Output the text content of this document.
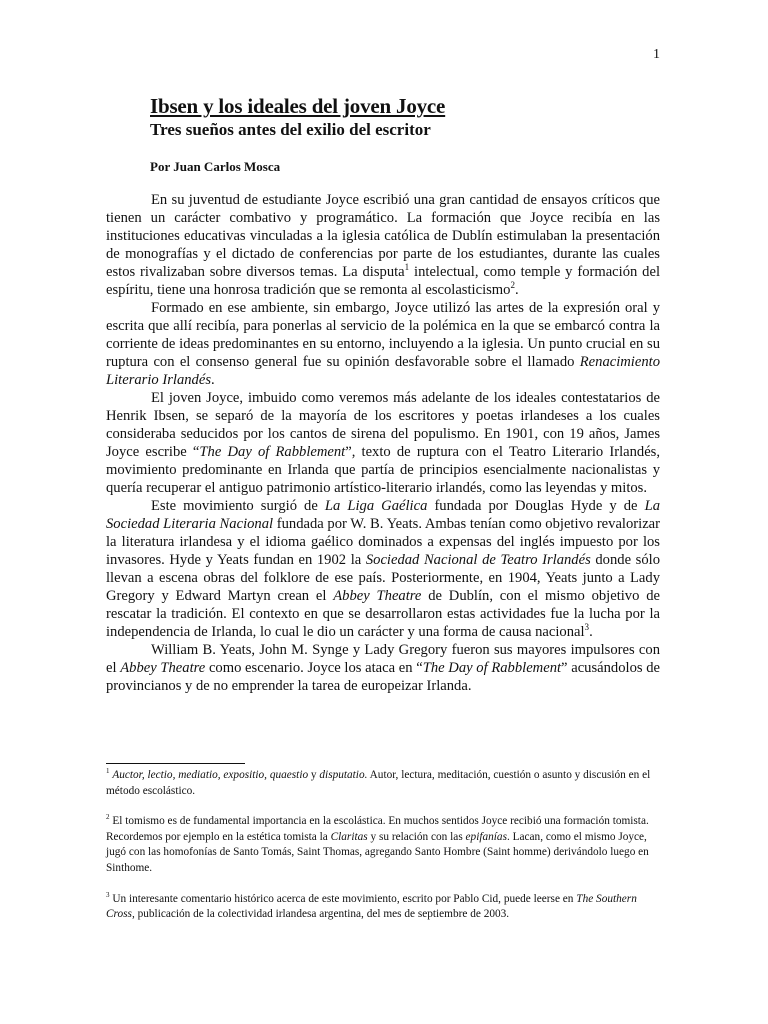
1
Ibsen y los ideales del joven Joyce
Tres sueños antes del exilio del escritor

Por Juan Carlos Mosca

En su juventud de estudiante Joyce escribió una gran cantidad de ensayos críticos que tienen un carácter combativo y programático. La formación que Joyce recibía en las instituciones educativas vinculadas a la iglesia católica de Dublín estimulaban la presentación de monografías y el dictado de conferencias por parte de los estudiantes, durante las cuales estos rivalizaban sobre diversos temas. La disputa$^1$ intelectual, como temple y formación del espíritu, tiene una honrosa tradición que se remonta al escolasticismo$^2$.

Formado en ese ambiente, sin embargo, Joyce utilizó las artes de la expresión oral y escrita que allí recibía, para ponerlas al servicio de la polémica en la que se embarcó contra la corriente de ideas predominantes en su entorno, incluyendo a la iglesia. Un punto crucial en su ruptura con el consenso general fue su opinión desfavorable sobre el llamado Renacimiento Literario Irlandés.

El joven Joyce, imbuido como veremos más adelante de los ideales contestatarios de Henrik Ibsen, se separó de la mayoría de los escritores y poetas irlandeses a los cuales consideraba seducidos por los cantos de sirena del populismo. En 1901, con 19 años, James Joyce escribe “The Day of Rabblement”, texto de ruptura con el Teatro Literario Irlandés, movimiento predominante en Irlanda que partía de principios esencialmente nacionalistas y quería recuperar el antiguo patrimonio artístico-literario irlandés, como las leyendas y mitos.

Este movimiento surgió de La Liga Gaélica fundada por Douglas Hyde y de La Sociedad Literaria Nacional fundada por W. B. Yeats. Ambas tenían como objetivo revalorizar la literatura irlandesa y el idioma gaélico dominados a expensas del inglés impuesto por los invasores. Hyde y Yeats fundan en 1902 la Sociedad Nacional de Teatro Irlandés donde sólo llevan a escena obras del folklore de ese país. Posteriormente, en 1904, Yeats junto a Lady Gregory y Edward Martyn crean el Abbey Theatre de Dublín, con el mismo objetivo de rescatar la tradición. El contexto en que se desarrollaron estas actividades fue la lucha por la independencia de Irlanda, lo cual le dio un carácter y una forma de causa nacional$^3$.

William B. Yeats, John M. Synge y Lady Gregory fueron sus mayores impulsores con el Abbey Theatre como escenario. Joyce los ataca en “The Day of Rabblement” acusándolos de provincianos y de no emprender la tarea de europeizar Irlanda.

$^1$ Auctor, lectio, mediatio, expositio, quaestio y disputatio. Autor, lectura, meditación, cuestión o asunto y discusión en el método escolástico.

$^2$ El tomismo es de fundamental importancia en la escolástica. En muchos sentidos Joyce recibió una formación tomista. Recordemos por ejemplo en la estética tomista la Claritas y su relación con las epifanías. Lacan, como el mismo Joyce, jugó con las homofonías de Santo Tomás, Saint Thomas, agregando Santo Hombre (Saint homme) derivándolo luego en Sinthome.

$^3$ Un interesante comentario histórico acerca de este movimiento, escrito por Pablo Cid, puede leerse en The Southern Cross, publicación de la colectividad irlandesa argentina, del mes de septiembre de 2003.
